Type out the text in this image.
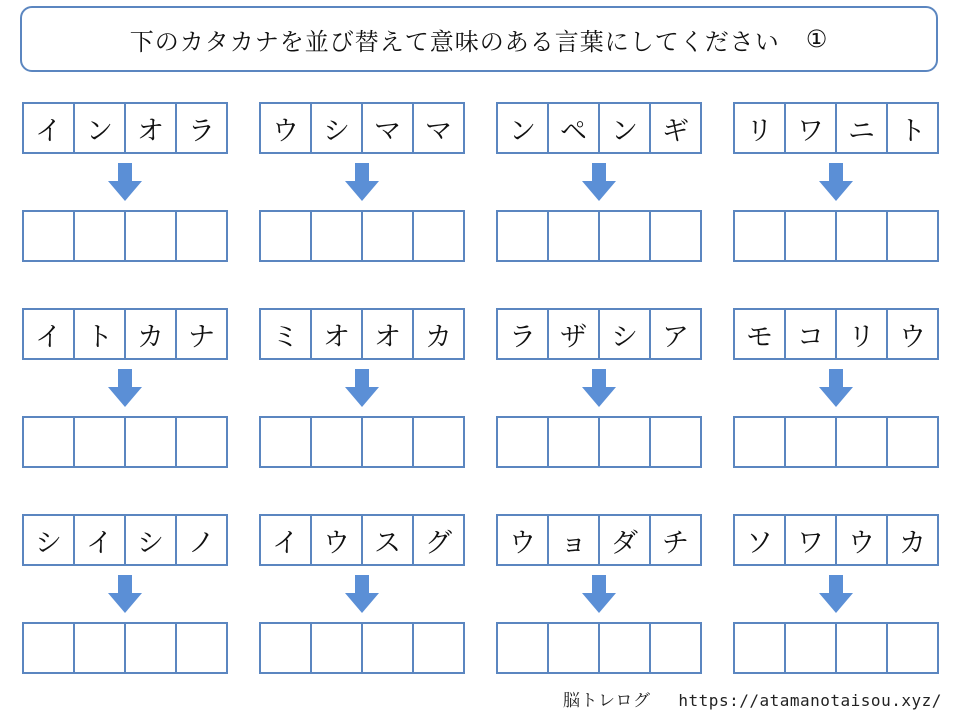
下のカタカナを並び替えて意味のある言葉にしてください ①
イ ン オ ラ	ウ シ マ マ	ン ペ ン ギ	リ ワ ニ ト
イ ト カ ナ	ミ オ オ カ	ラ ザ シ ア	モ コ リ ウ
シ イ シ ノ	イ ウ ス グ	ウ ョ ダ チ	ソ ワ ウ カ
脳トレログ https://atamanotaisou.xyz/
